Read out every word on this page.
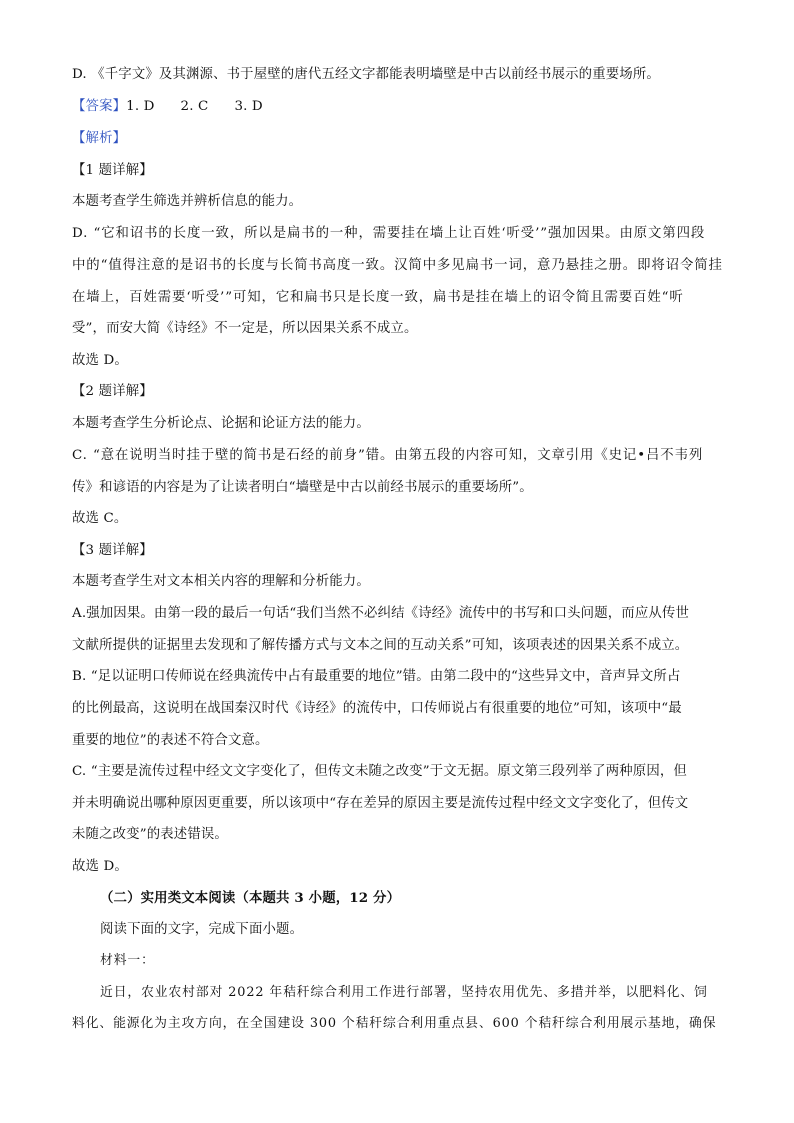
D. 《千字文》及其渊源、书于屋壁的唐代五经文字都能表明墙壁是中古以前经书展示的重要场所。
【答案】1. D 2. C 3. D
【解析】
【1 题详解】
本题考查学生筛选并辨析信息的能力。
D. “它和诏书的长度一致，所以是扁书的一种，需要挂在墙上让百姓‘听受’”强加因果。由原文第四段
中的“值得注意的是诏书的长度与长简书高度一致。汉简中多见扁书一词，意乃悬挂之册。即将诏令简挂
在墙上，百姓需要‘听受’”可知，它和扁书只是长度一致，扁书是挂在墙上的诏令简且需要百姓“听
受”，而安大简《诗经》不一定是，所以因果关系不成立。
故选 D。
【2 题详解】
本题考查学生分析论点、论据和论证方法的能力。
C. “意在说明当时挂于壁的简书是石经的前身”错。由第五段的内容可知，文章引用《史记•吕不韦列
传》和谚语的内容是为了让读者明白“墙壁是中古以前经书展示的重要场所”。
故选 C。
【3 题详解】
本题考查学生对文本相关内容的理解和分析能力。
A.强加因果。由第一段的最后一句话“我们当然不必纠结《诗经》流传中的书写和口头问题，而应从传世
文献所提供的证据里去发现和了解传播方式与文本之间的互动关系”可知，该项表述的因果关系不成立。
B. “足以证明口传师说在经典流传中占有最重要的地位”错。由第二段中的“这些异文中，音声异文所占
的比例最高，这说明在战国秦汉时代《诗经》的流传中，口传师说占有很重要的地位”可知，该项中“最
重要的地位”的表述不符合文意。
C. “主要是流传过程中经文文字变化了，但传文未随之改变”于文无据。原文第三段列举了两种原因，但
并未明确说出哪种原因更重要，所以该项中“存在差异的原因主要是流传过程中经文文字变化了，但传文
未随之改变”的表述错误。
故选 D。
（二）实用类文本阅读（本题共 3 小题，12 分）
阅读下面的文字，完成下面小题。
材料一：
近日，农业农村部对 2022 年秸秆综合利用工作进行部署，坚持农用优先、多措并举，以肥料化、饲
料化、能源化为主攻方向，在全国建设 300 个秸秆综合利用重点县、600 个秸秆综合利用展示基地，确保
